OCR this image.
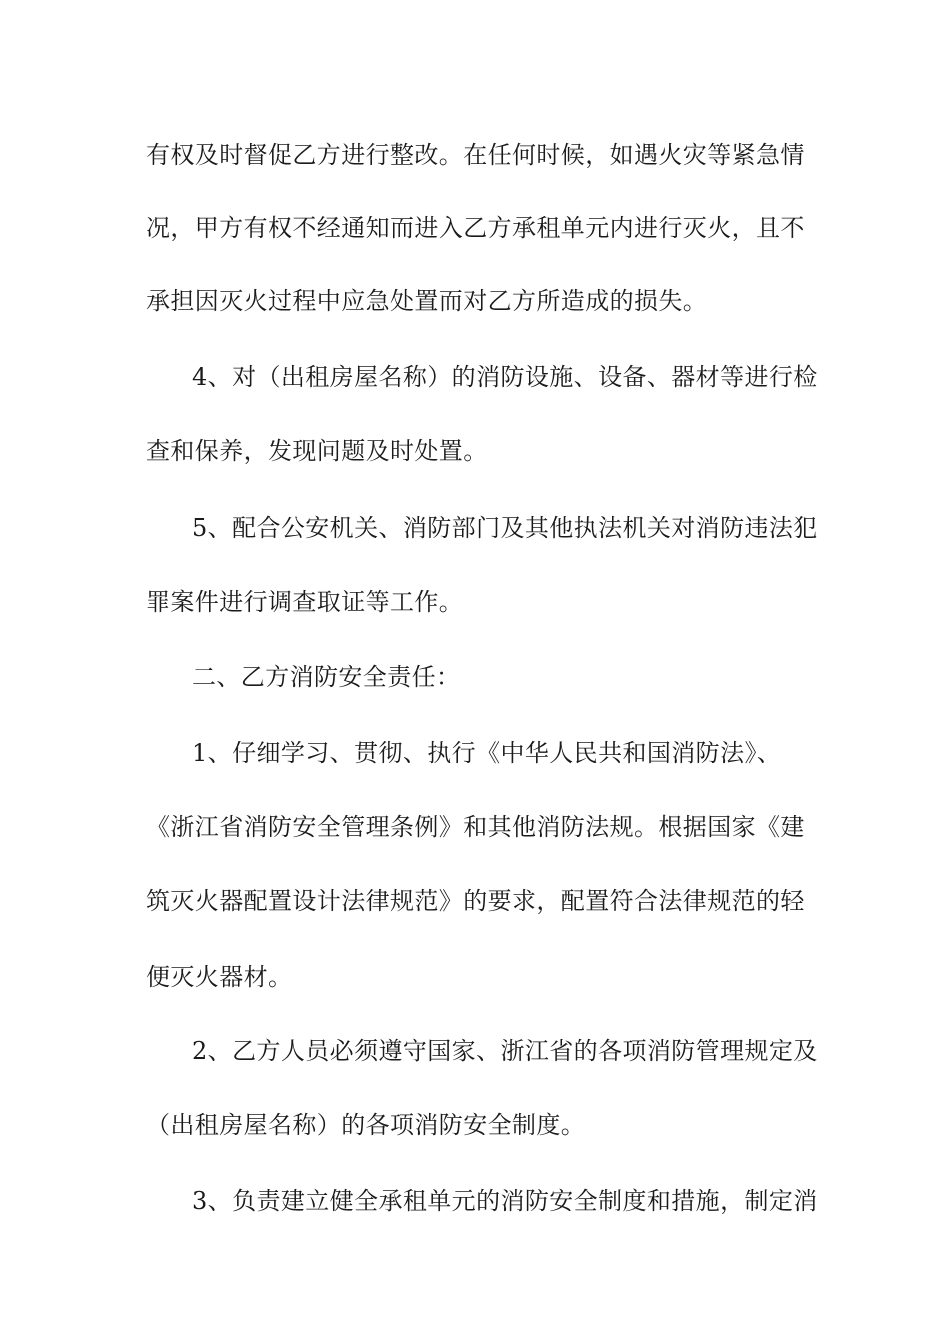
有权及时督促乙方进行整改。在任何时候，如遇火灾等紧急情
况，甲方有权不经通知而进入乙方承租单元内进行灭火，且不
承担因灭火过程中应急处置而对乙方所造成的损失。
4、对（出租房屋名称）的消防设施、设备、器材等进行检
查和保养，发现问题及时处置。
5、配合公安机关、消防部门及其他执法机关对消防违法犯
罪案件进行调查取证等工作。
二、乙方消防安全责任：
1、仔细学习、贯彻、执行《中华人民共和国消防法》、
《浙江省消防安全管理条例》和其他消防法规。根据国家《建
筑灭火器配置设计法律规范》的要求，配置符合法律规范的轻
便灭火器材。
2、乙方人员必须遵守国家、浙江省的各项消防管理规定及
（出租房屋名称）的各项消防安全制度。
3、负责建立健全承租单元的消防安全制度和措施，制定消
